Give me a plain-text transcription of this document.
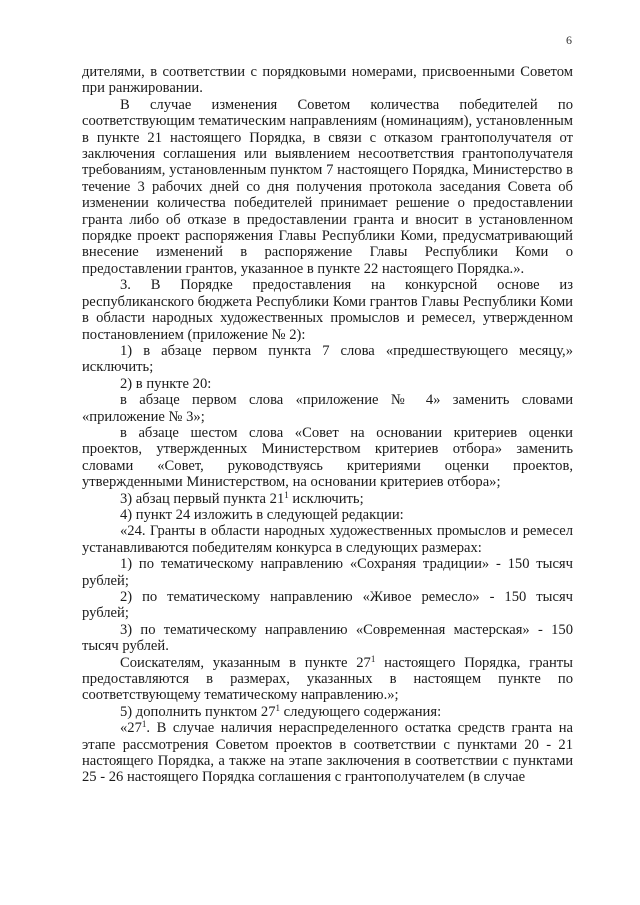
6

дителями, в соответствии с порядковыми номерами, присвоенными Советом при ранжировании.

В случае изменения Советом количества победителей по соответствующим тематическим направлениям (номинациям), установленным в пункте 21 настоящего Порядка, в связи с отказом грантополучателя от заключения соглашения или выявлением несоответствия грантополучателя требованиям, установленным пунктом 7 настоящего Порядка, Министерство в течение 3 рабочих дней со дня получения протокола заседания Совета об изменении количества победителей принимает решение о предоставлении гранта либо об отказе в предоставлении гранта и вносит в установленном порядке проект распоряжения Главы Республики Коми, предусматривающий внесение изменений в распоряжение Главы Республики Коми о предоставлении грантов, указанное в пункте 22 настоящего Порядка.».

3. В Порядке предоставления на конкурсной основе из республиканского бюджета Республики Коми грантов Главы Республики Коми в области народных художественных промыслов и ремесел, утвержденном постановлением (приложение № 2):

1) в абзаце первом пункта 7 слова «предшествующего месяцу,» исключить;

2) в пункте 20:

в абзаце первом слова «приложение № 4» заменить словами «приложение № 3»;

в абзаце шестом слова «Совет на основании критериев оценки проектов, утвержденных Министерством критериев отбора» заменить словами «Совет, руководствуясь критериями оценки проектов, утвержденными Министерством, на основании критериев отбора»;

3) абзац первый пункта $21^1$ исключить;

4) пункт 24 изложить в следующей редакции:

«24. Гранты в области народных художественных промыслов и ремесел устанавливаются победителям конкурса в следующих размерах:

1) по тематическому направлению «Сохраняя традиции» - 150 тысяч рублей;

2) по тематическому направлению «Живое ремесло» - 150 тысяч рублей;

3) по тематическому направлению «Современная мастерская» - 150 тысяч рублей.

Соискателям, указанным в пункте $27^1$ настоящего Порядка, гранты предоставляются в размерах, указанных в настоящем пункте по соответствующему тематическому направлению.»;

5) дополнить пунктом $27^1$ следующего содержания:

«$27^1$. В случае наличия нераспределенного остатка средств гранта на этапе рассмотрения Советом проектов в соответствии с пунктами 20 - 21 настоящего Порядка, а также на этапе заключения в соответствии с пунктами 25 - 26 настоящего Порядка соглашения с грантополучателем (в случае
